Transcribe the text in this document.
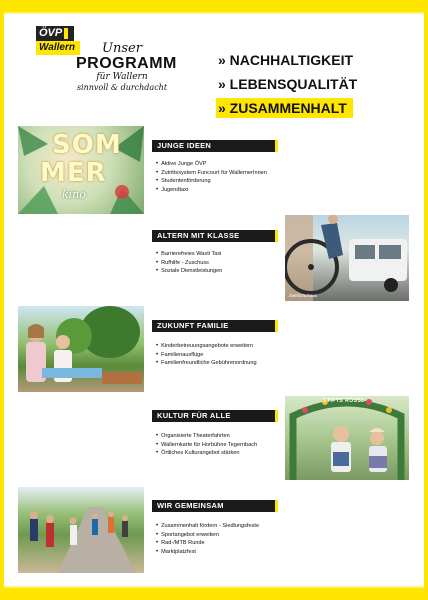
ÖVP
Wallern	Unser
PROGRAMM
für Wallern
sinnvoll & durchdacht
» NACHHALTIGKEIT
» LEBENSQUALITÄT
» ZUSAMMENHALT
SOM
MER
kino
JUNGE IDEEN
• Aktive Junge ÖVP
• Zutrittssystem Funcourt für WallernerInnen
• Studentenförderung
• Jugendtaxi
ALTERN MIT KLASSE
• Barrierefreies Wasti Taxi
• Rufhilfe - Zuschuss
• Soziale Dienstleistungen
Zweibräuhaus
ZUKUNFT FAMILIE
• Kinderbetreuungsangebote erweitern
• Familienausflüge
• Familienfreundliche Gebührenordnung
KULTUR FÜR ALLE
• Organisierte Theaterfahrten
• Wallernkarte für Horbühne Tegernbach
• Örtliches Kulturangebot stärken
STIFTS RÖSSL
WIR GEMEINSAM
• Zusammenhalt fördern - Siedlungsfeste
• Sportangebot erweitern
• Rad-/MTB Runde
• Marktplatzfest
